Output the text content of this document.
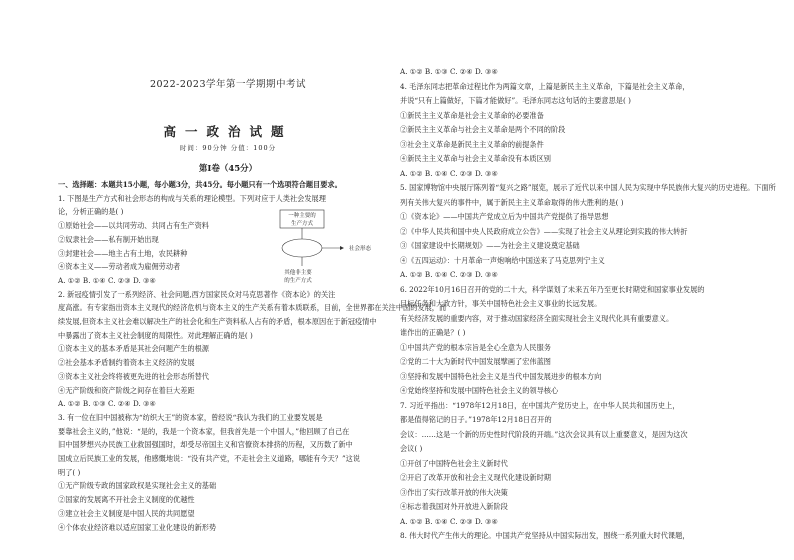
2022-2023学年第一学期期中考试
高一政治试题
时间：90分钟 分值：100分
第Ⅰ卷（45分）
一、选择题：本题共15小题，每小题3分，共45分。每小题只有一个选项符合题目要求。
1. 下图是生产方式和社会形态的构成与关系的理论模型。下列对应于人类社会发展理
论，分析正确的是( )
①原始社会——以共同劳动、共同占有生产资料
②奴隶社会——私有制开始出现
③封建社会——地主占有土地，农民耕种
④资本主义——劳动者成为雇佣劳动者
A. ①② B. ①④ C. ②③ D. ③④
2. 新冠疫情引发了一系列经济、社会问题,西方国家民众对马克思著作《资本论》的关注
度高涨。有专家指出资本主义现代的经济危机与资本主义的生产关系有着本质联系，目前，全世界都在关注中国的发展，而
续发展,但资本主义社会难以解决生产的社会化和生产资料私人占有的矛盾，根本原因在于新冠疫情中
中暴露出了资本主义社会制度的局限性。对此理解正确的是( )
①资本主义的基本矛盾是其社会问题产生的根源
②社会基本矛盾制约着资本主义经济的发展
③资本主义社会终将被更先进的社会形态所替代
④无产阶级和资产阶级之间存在着巨大差距
A. ①② B. ①③ C. ②④ D. ③④
3. 有一位在旧中国被称为“纺织大王”的资本家，曾经说“我认为我们的工业要发展是
要靠社会主义的，”他说：“是的，我是一个资本家，但我首先是一个中国人，”他回顾了自己在
旧中国梦想兴办民族工业救国强国时，却受尽帝国主义和官僚资本排挤的历程，又历数了新中
国成立后民族工业的发展，他感慨地说：“没有共产党，不走社会主义道路，哪能有今天？”这说
明了( )
①无产阶级专政的国家政权是实现社会主义的基础
②国家的发展离不开社会主义制度的优越性
③建立社会主义制度是中国人民的共同愿望
④个体农业经济难以适应国家工业化建设的新形势
A. ①② B. ①③ C. ②④ D. ③④
4. 毛泽东同志把革命过程比作为两篇文章，上篇是新民主主义革命，下篇是社会主义革命，
并说“只有上篇做好，下篇才能做好”。毛泽东同志这句话的主要意思是( )
①新民主主义革命是社会主义革命的必要准备
②新民主主义革命与社会主义革命是两个不同的阶段
③社会主义革命是新民主主义革命的前提条件
④新民主主义革命与社会主义革命没有本质区别
A. ①② B. ①④ C. ②③ D. ③④
5. 国家博物馆中央展厅陈列着“复兴之路”展览，展示了近代以来中国人民为实现中华民族伟大复兴的历史进程。下面所
列有关伟大复兴的事件中，属于新民主主义革命取得的伟大胜利的是( )
①《资本论》——中国共产党成立后为中国共产党提供了指导思想
②《中华人民共和国中央人民政府成立公告》——实现了社会主义从理论到实践的伟大转折
③《国家建设中长期规划》——为社会主义建设奠定基础
④《五四运动》：十月革命一声炮响给中国送来了马克思列宁主义
A. ①② B. ①④ C. ②③ D. ③④
6. 2022年10月16日召开的党的二十大，科学谋划了未来五年乃至更长时期党和国家事业发展的
目标任务和大政方针，事关中国特色社会主义事业的长远发展。
有关经济发展的重要内容，对于推动国家经济全面实现社会主义现代化具有重要意义。
谁作出的正确是？( )
①中国共产党的根本宗旨是全心全意为人民服务
②党的二十大为新时代中国发展擘画了宏伟蓝图
③坚持和发展中国特色社会主义是当代中国发展进步的根本方向
④党始终坚持和发展中国特色社会主义的领导核心
7. 习近平指出：“1978年12月18日，在中国共产党历史上，在中华人民共和国历史上，
都是值得铭记的日子。”1978年12月18日召开的
会议：……这是一个新的历史性时代阶段的开端。”这次会议具有以上重要意义，是因为这次
会议( )
①开创了中国特色社会主义新时代
②开启了改革开放和社会主义现代化建设新时期
③作出了实行改革开放的伟大决策
④标志着我国对外开放进入新阶段
A. ①② B. ①④ C. ②③ D. ③④
8. 伟大时代产生伟大的理论。中国共产党坚持从中国实际出发，围绕一系列重大时代课题，
一种主要的
生产方式
社会形态
其他非主要
的生产方式
